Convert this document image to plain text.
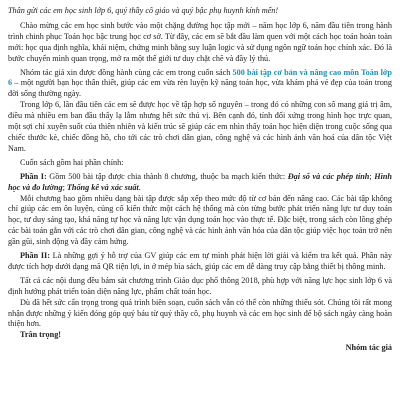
Thân gửi các em học sinh lớp 6, quý thầy cô giáo và quý bậc phụ huynh kính mến!

Chào mừng các em học sinh bước vào một chặng đường học tập mới – năm học lớp 6, năm đầu tiên trong hành trình chinh phục Toán học bậc trung học cơ sở. Từ đây, các em sẽ bắt đầu làm quen với một cách học toán hoàn toàn mới: học qua định nghĩa, khái niệm, chứng minh bằng suy luận logic và sử dụng ngôn ngữ toán học chính xác. Đó là bước chuyển mình quan trọng, mở ra một thế giới tư duy chặt chẽ và đầy lý thú.

Nhóm tác giả xin được đồng hành cùng các em trong cuốn sách 500 bài tập cơ bản và nâng cao môn Toán lớp 6 – một người bạn học thân thiết, giúp các em vừa rèn luyện kỹ năng toán học, vừa khám phá vẻ đẹp của toán trong đời sống thường ngày.

Trong lớp 6, lần đầu tiên các em sẽ được học về tập hợp số nguyên – trong đó có những con số mang giá trị âm, điều mà nhiều em ban đầu thấy lạ lẫm nhưng hết sức thú vị. Bên cạnh đó, tính đối xứng trong hình học trực quan, một sợi chỉ xuyên suốt của thiên nhiên và kiến trúc sẽ giúp các em nhìn thấy toán học hiện diện trong cuộc sống qua chiếc thước kẻ, chiếc đồng hồ, cho tới các trò chơi dân gian, công nghệ và các hình ảnh văn hoá của dân tộc Việt Nam.

Cuốn sách gồm hai phần chính:

Phần I: Gồm 500 bài tập được chia thành 8 chương, thuộc ba mạch kiến thức: Đại số và các phép tính; Hình học và đo lường; Thống kê và xác suất.

Mỗi chương bao gồm nhiều dạng bài tập được sắp xếp theo mức độ từ cơ bản đến nâng cao. Các bài tập không chỉ giúp các em ôn luyện, củng cố kiến thức một cách hệ thống mà còn từng bước phát triển năng lực tư duy toán học, tư duy sáng tạo, khả năng tự học và năng lực vận dụng toán học vào thực tế. Đặc biệt, trong sách còn lồng ghép các bài toán gắn với các trò chơi dân gian, công nghệ và các hình ảnh văn hóa của dân tộc giúp việc học toán trở nên gần gũi, sinh động và đầy cảm hứng.

Phần II: Là những gợi ý hỗ trợ của GV giúp các em tự mình phát hiện lời giải và kiểm tra kết quả. Phần này được tích hợp dưới dạng mã QR tiện lợi, in ở mép bìa sách, giúp các em dễ dàng truy cập bằng thiết bị thông minh.

Tất cả các nội dung đều bám sát chương trình Giáo dục phổ thông 2018, phù hợp với năng lực học sinh lớp 6 và định hướng phát triển toàn diện năng lực, phẩm chất toán học.

Dù đã hết sức cẩn trọng trong quá trình biên soạn, cuốn sách vẫn có thể còn những thiếu sót. Chúng tôi rất mong nhận được những ý kiến đóng góp quý báu từ quý thầy cô, phụ huynh và các em học sinh để bộ sách ngày càng hoàn thiện hơn.

Trân trọng!

Nhóm tác giả
